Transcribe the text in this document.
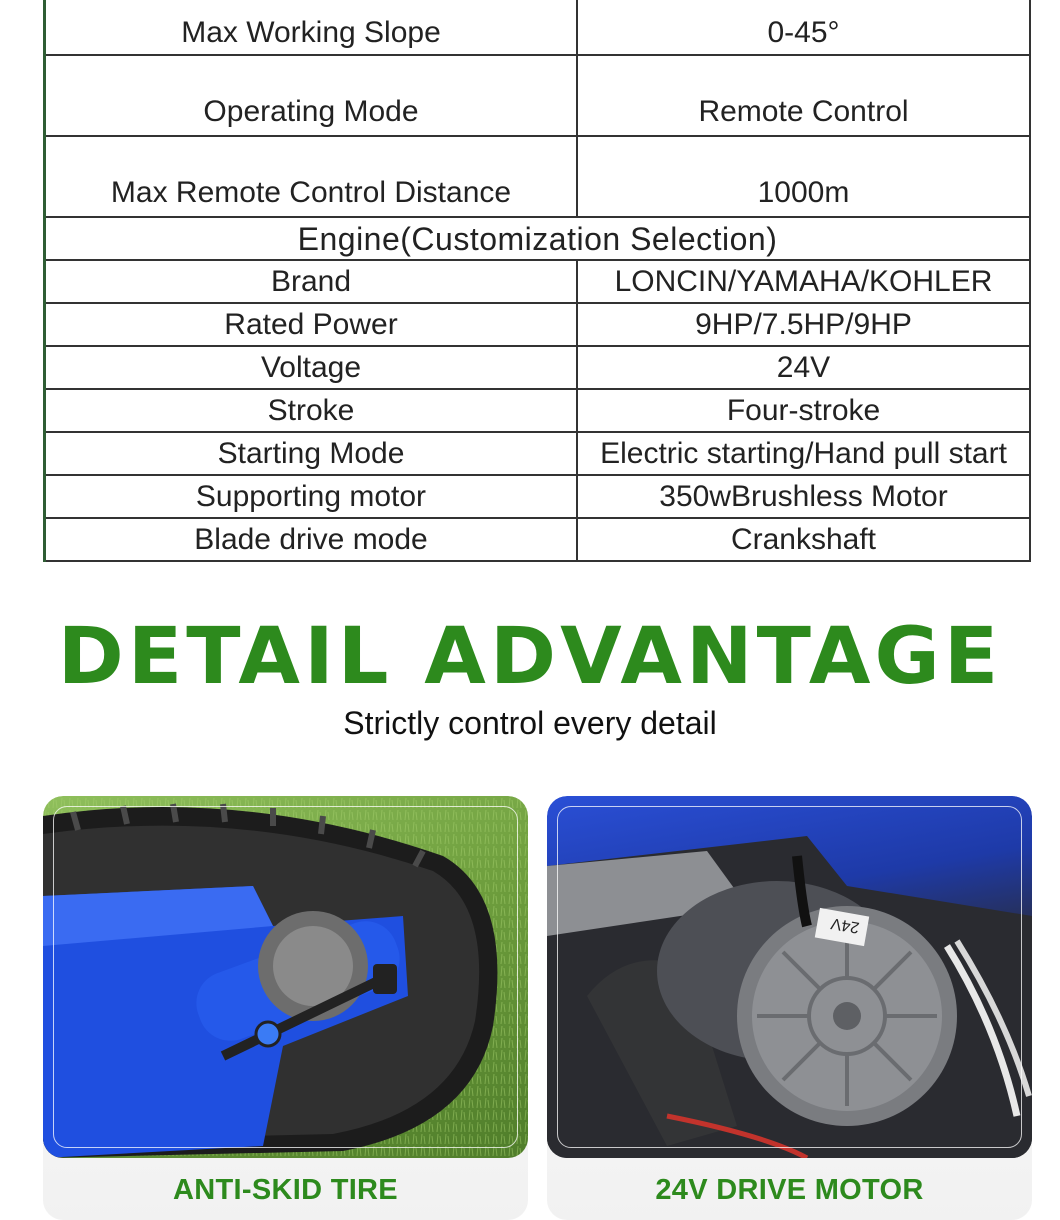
Max Working Slope	0-45°
Operating Mode	Remote Control
Max Remote Control Distance	1000m
Engine(Customization Selection)	
Brand	LONCIN/YAMAHA/KOHLER
Rated Power	9HP/7.5HP/9HP
Voltage	24V
Stroke	Four-stroke
Starting Mode	Electric starting/Hand pull start
Supporting motor	350wBrushless Motor
Blade drive mode	Crankshaft
DETAIL ADVANTAGE
Strictly control every detail
ANTI-SKID TIRE
24V
24V DRIVE MOTOR
